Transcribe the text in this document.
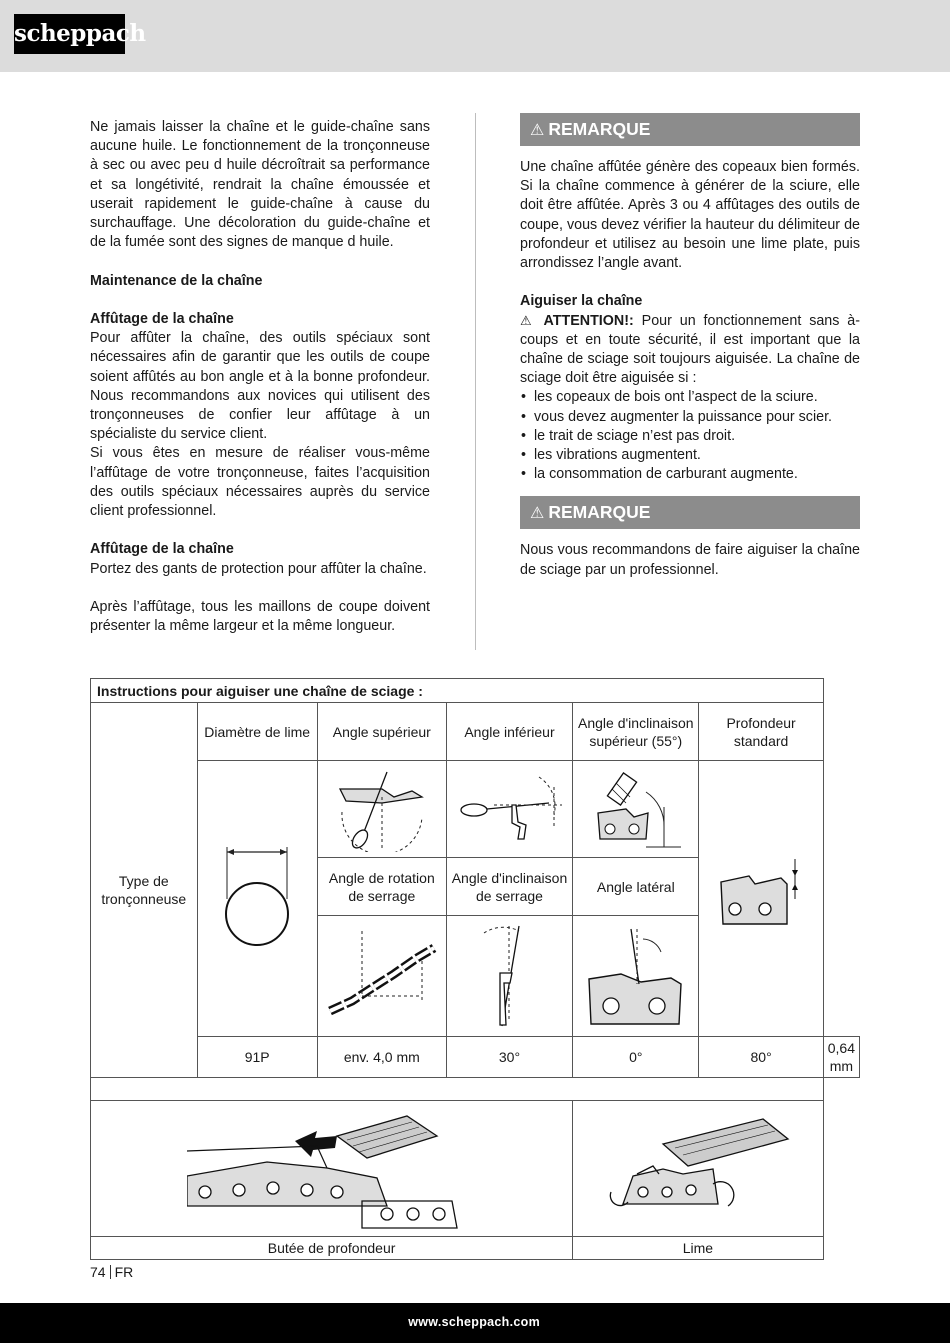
scheppach

Ne jamais laisser la chaîne et le guide-chaîne sans aucune huile. Le fonctionnement de la tronçonneuse à sec ou avec peu d huile décroîtrait sa performance et sa longétivité, rendrait la chaîne émoussée et userait rapidement le guide-chaîne à cause du surchauffage. Une décoloration du guide-chaîne et de la fumée sont des signes de manque d huile.

Maintenance de la chaîne

Affûtage de la chaîne

Pour affûter la chaîne, des outils spéciaux sont nécessaires afin de garantir que les outils de coupe soient affûtés au bon angle et à la bonne profondeur. Nous recommandons aux novices qui utilisent des tronçonneuses de confier leur affûtage à un spécialiste du service client.

Si vous êtes en mesure de réaliser vous-même l’affûtage de votre tronçonneuse, faites l’acquisition des outils spéciaux nécessaires auprès du service client professionnel.

Affûtage de la chaîne

Portez des gants de protection pour affûter la chaîne.

Après l’affûtage, tous les maillons de coupe doivent présenter la même largeur et la même longueur.

⚠ REMARQUE

Une chaîne affûtée génère des copeaux bien formés. Si la chaîne commence à générer de la sciure, elle doit être affûtée. Après 3 ou 4 affûtages des outils de coupe, vous devez vérifier la hauteur du délimiteur de profondeur et utilisez au besoin une lime plate, puis arrondissez l’angle avant.

Aiguiser la chaîne

⚠ ATTENTION!: Pour un fonctionnement sans à-coups et en toute sécurité, il est important que la chaîne de sciage soit toujours aiguisée. La chaîne de sciage doit être aiguisée si :

• les copeaux de bois ont l’aspect de la sciure.
• vous devez augmenter la puissance pour scier.
• le trait de sciage n’est pas droit.
• les vibrations augmentent.
• la consommation de carburant augmente.
⚠ REMARQUE

Nous vous recommandons de faire aiguiser la chaîne de sciage par un professionnel.

Instructions pour aiguiser une chaîne de sciage :						
Type de tronçonneuse	Diamètre de lime	Angle supérieur	Angle inférieur	Angle d'inclinaison supérieur (55°)	Profondeur standard	

		Angle de rotation de serrage	Angle d'inclinaison de serrage	Angle latéral		

	91P	env. 4,0 mm	30°	0°	80°	0,64 mm

Butée de profondeur				Lime		
74 FR
www.scheppach.com
